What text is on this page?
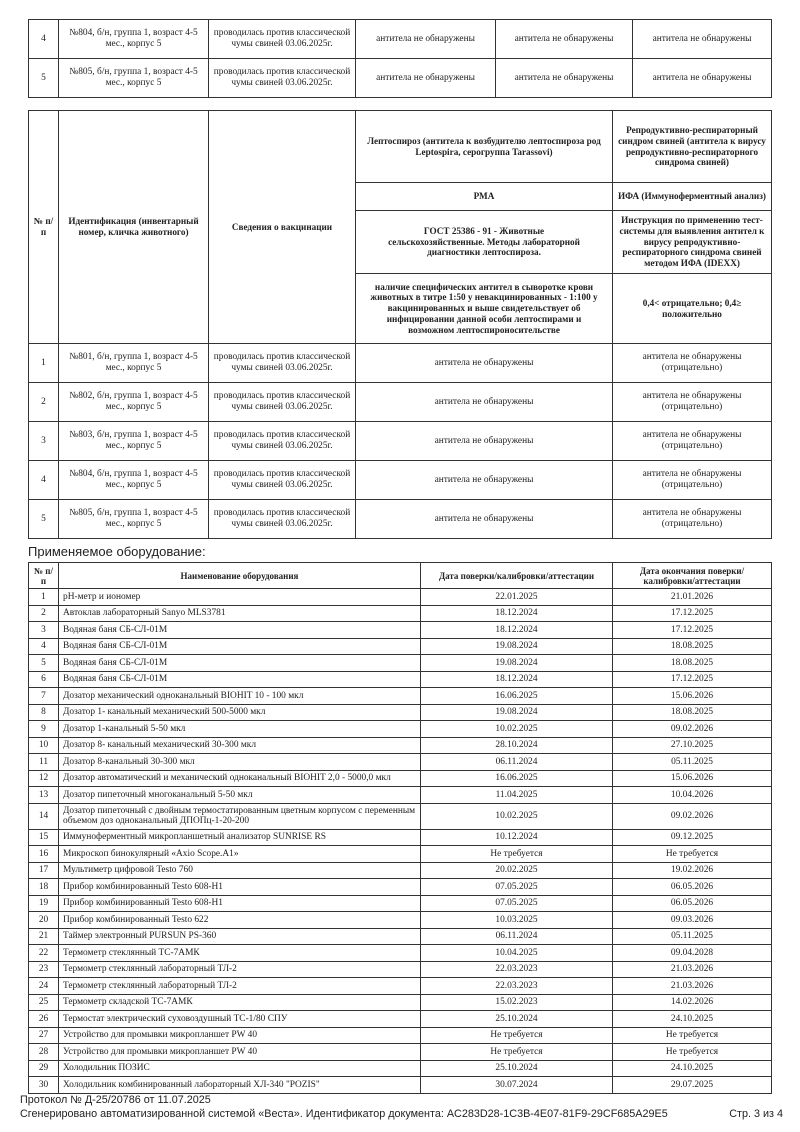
4	№804, б/н, группа 1, возраст 4-5 мес., корпус 5	проводилась против классической чумы свиней 03.06.2025г.	антитела не обнаружены	антитела не обнаружены	антитела не обнаружены
5	№805, б/н, группа 1, возраст 4-5 мес., корпус 5	проводилась против классической чумы свиней 03.06.2025г.	антитела не обнаружены	антитела не обнаружены	антитела не обнаружены
№ п/п	Идентификация (инвентарный номер, кличка животного)	Сведения о вакцинации	Лептоспироз (антитела к возбудителю лептоспироза род Leptospira, серогруппа Tarassovi)	Репродуктивно-респираторный синдром свиней (антитела к вирусу репродуктивно-респираторного синдрома свиней)
			РМА	ИФА (Иммуноферментный анализ)
			ГОСТ 25386 - 91 - Животные сельскохозяйственные. Методы лабораторной диагностики лептоспироза.	Инструкция по применению тест-системы для выявления антител к вирусу репродуктивно-респираторного синдрома свиней методом ИФА (IDEXX)
			наличие специфических антител в сыворотке крови животных в титре 1:50 у невакцинированных - 1:100 у вакцинированных и выше свидетельствует об инфицировании данной особи лептоспирами и возможном лептоспироносительстве	0,4< отрицательно; 0,4≥ положительно
1	№801, б/н, группа 1, возраст 4-5 мес., корпус 5	проводилась против классической чумы свиней 03.06.2025г.	антитела не обнаружены	антитела не обнаружены (отрицательно)
2	№802, б/н, группа 1, возраст 4-5 мес., корпус 5	проводилась против классической чумы свиней 03.06.2025г.	антитела не обнаружены	антитела не обнаружены (отрицательно)
3	№803, б/н, группа 1, возраст 4-5 мес., корпус 5	проводилась против классической чумы свиней 03.06.2025г.	антитела не обнаружены	антитела не обнаружены (отрицательно)
4	№804, б/н, группа 1, возраст 4-5 мес., корпус 5	проводилась против классической чумы свиней 03.06.2025г.	антитела не обнаружены	антитела не обнаружены (отрицательно)
5	№805, б/н, группа 1, возраст 4-5 мес., корпус 5	проводилась против классической чумы свиней 03.06.2025г.	антитела не обнаружены	антитела не обнаружены (отрицательно)
Применяемое оборудование:
№ п/п	Наименование оборудования	Дата поверки/калибровки/аттестации	Дата окончания поверки/калибровки/аттестации
1	pH-метр и иономер	22.01.2025	21.01.2026
2	Автоклав лабораторный Sanyo MLS3781	18.12.2024	17.12.2025
3	Водяная баня СБ-СЛ-01М	18.12.2024	17.12.2025
4	Водяная баня СБ-СЛ-01М	19.08.2024	18.08.2025
5	Водяная баня СБ-СЛ-01М	19.08.2024	18.08.2025
6	Водяная баня СБ-СЛ-01М	18.12.2024	17.12.2025
7	Дозатор механический одноканальный BIOHIT 10 - 100 мкл	16.06.2025	15.06.2026
8	Дозатор 1- канальный механический 500-5000 мкл	19.08.2024	18.08.2025
9	Дозатор 1-канальный 5-50 мкл	10.02.2025	09.02.2026
10	Дозатор 8- канальный механический 30-300 мкл	28.10.2024	27.10.2025
11	Дозатор 8-канальный 30-300 мкл	06.11.2024	05.11.2025
12	Дозатор автоматический и механический одноканальный BIOHIT 2,0 - 5000,0 мкл	16.06.2025	15.06.2026
13	Дозатор пипеточный многоканальный 5-50 мкл	11.04.2025	10.04.2026
14	Дозатор пипеточный с двойным термостатированным цветным корпусом с переменным объемом доз одноканальный ДПОПц-1-20-200	10.02.2025	09.02.2026
15	Иммуноферментный микропланшетный анализатор SUNRISE RS	10.12.2024	09.12.2025
16	Микроскоп бинокулярный «Axio Scope.A1»	Не требуется	Не требуется
17	Мультиметр цифровой Testo 760	20.02.2025	19.02.2026
18	Прибор комбинированный Testo 608-H1	07.05.2025	06.05.2026
19	Прибор комбинированный Testo 608-H1	07.05.2025	06.05.2026
20	Прибор комбинированный Testo 622	10.03.2025	09.03.2026
21	Таймер электронный PURSUN PS-360	06.11.2024	05.11.2025
22	Термометр стеклянный ТС-7АМК	10.04.2025	09.04.2028
23	Термометр стеклянный лабораторный ТЛ-2	22.03.2023	21.03.2026
24	Термометр стеклянный лабораторный ТЛ-2	22.03.2023	21.03.2026
25	Термометр складской ТС-7АМК	15.02.2023	14.02.2026
26	Термостат электрический суховоздушный ТС-1/80 СПУ	25.10.2024	24.10.2025
27	Устройство для промывки микропланшет PW 40	Не требуется	Не требуется
28	Устройство для промывки микропланшет PW 40	Не требуется	Не требуется
29	Холодильник ПОЗИС	25.10.2024	24.10.2025
30	Холодильник комбинированный лабораторный ХЛ-340 "POZIS"	30.07.2024	29.07.2025
Протокол № Д-25/20786 от 11.07.2025
Сгенерировано автоматизированной системой «Веста». Идентификатор документа: AC283D28-1C3B-4E07-81F9-29CF685A29E5	Стр. 3 из 4
